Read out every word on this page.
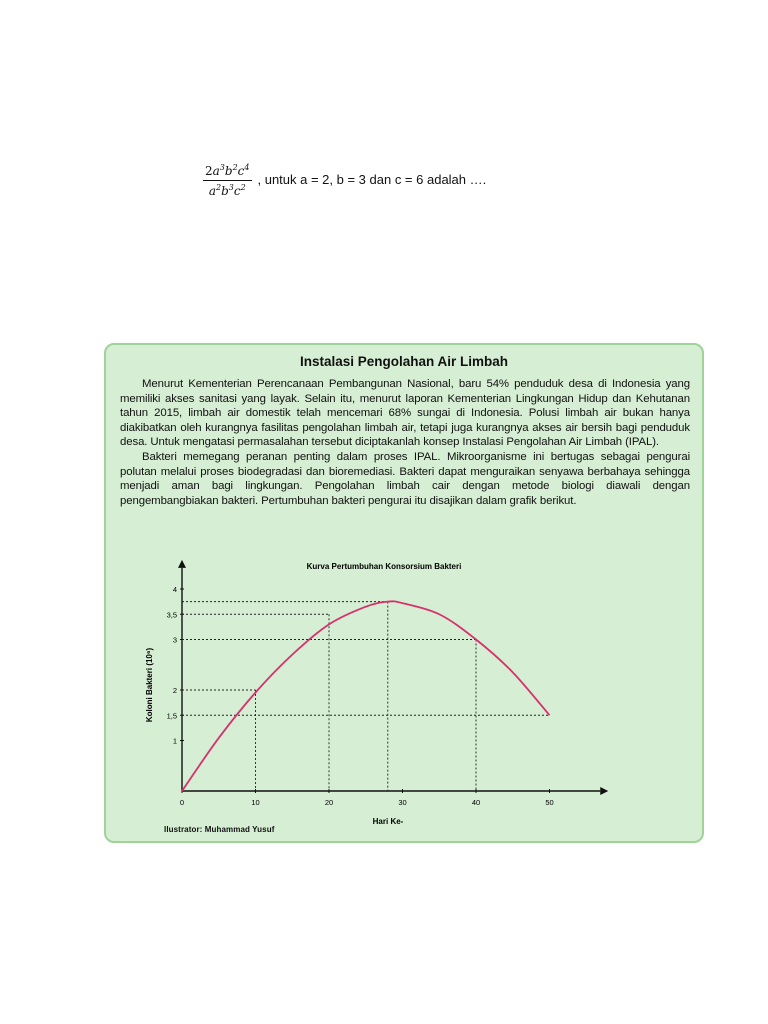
$\frac{2a^3b^2c^4}{a^2b^3c^2}$ , untuk a = 2, b = 3 dan c = 6 adalah ….
Instalasi Pengolahan Air Limbah

Menurut Kementerian Perencanaan Pembangunan Nasional, baru 54% penduduk desa di Indonesia yang memiliki akses sanitasi yang layak. Selain itu, menurut laporan Kementerian Lingkungan Hidup dan Kehutanan tahun 2015, limbah air domestik telah mencemari 68% sungai di Indonesia. Polusi limbah air bukan hanya diakibatkan oleh kurangnya fasilitas pengolahan limbah air, tetapi juga kurangnya akses air bersih bagi penduduk desa. Untuk mengatasi permasalahan tersebut diciptakanlah konsep Instalasi Pengolahan Air Limbah (IPAL).

Bakteri memegang peranan penting dalam proses IPAL. Mikroorganisme ini bertugas sebagai pengurai polutan melalui proses biodegradasi dan bioremediasi. Bakteri dapat menguraikan senyawa berbahaya sehingga menjadi aman bagi lingkungan. Pengolahan limbah cair dengan metode biologi diawali dengan pengembangbiakan bakteri. Pertumbuhan bakteri pengurai itu disajikan dalam grafik berikut.

Kurva Pertumbuhan Konsorsium Bakteri
0	10	20	30	40	50
1
1,5
2
3
3,5
4
Hari Ke-
Koloni Bakteri (10⁶)
Ilustrator: Muhammad Yusuf
